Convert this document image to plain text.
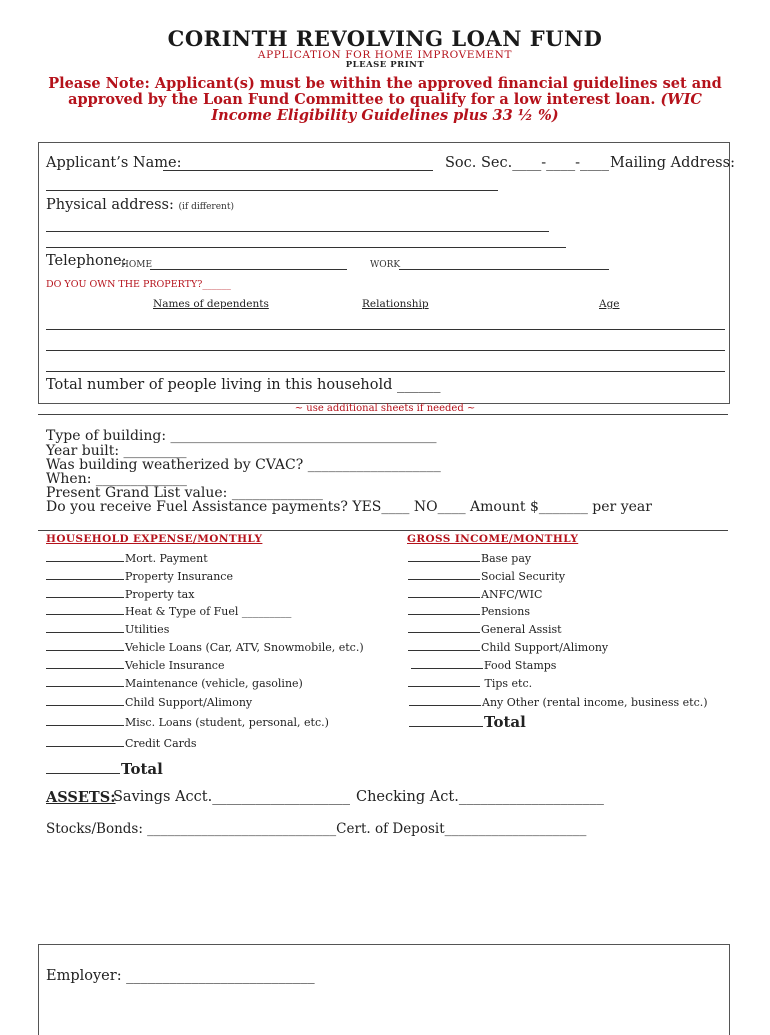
CORINTH REVOLVING LOAN FUND
APPLICATION FOR HOME IMPROVEMENT
PLEASE PRINT
Please Note: Applicant(s) must be within the approved financial guidelines set and approved by the Loan Fund Committee to qualify for a low interest loan. (WIC Income Eligibility Guidelines plus 33 ½ %)
Applicant’s Name:	Soc. Sec.____-____-____ Mailing Address:
Physical address: (if different)
Telephone:
HOME	WORK
DO YOU OWN THE PROPERTY?______
Names of dependents	Relationship	Age
Total number of people living in this household ______
~ use additional sheets if needed ~
Type of building: ______________________________________
Year built: _________
Was building weatherized by CVAC? ___________________
When: _____________
Present Grand List value: _____________
Do you receive Fuel Assistance payments? YES____ NO____ Amount $_______ per year
HOUSEHOLD EXPENSE/MONTHLY
Mort. Payment
Property Insurance
Property tax
Heat & Type of Fuel _________
Utilities
Vehicle Loans (Car, ATV, Snowmobile, etc.)
Vehicle Insurance
Maintenance (vehicle, gasoline)
Child Support/Alimony
Misc. Loans (student, personal, etc.)
Credit Cards
Total
GROSS INCOME/MONTHLY
Base pay
Social Security
ANFC/WIC
Pensions
General Assist
Child Support/Alimony
Food Stamps
Tips etc.
Any Other (rental income, business etc.)
Total
ASSETS:
Savings Acct.___________________ Checking Act.____________________
Stocks/Bonds: ____________________________Cert. of Deposit_____________________
Employer: __________________________
